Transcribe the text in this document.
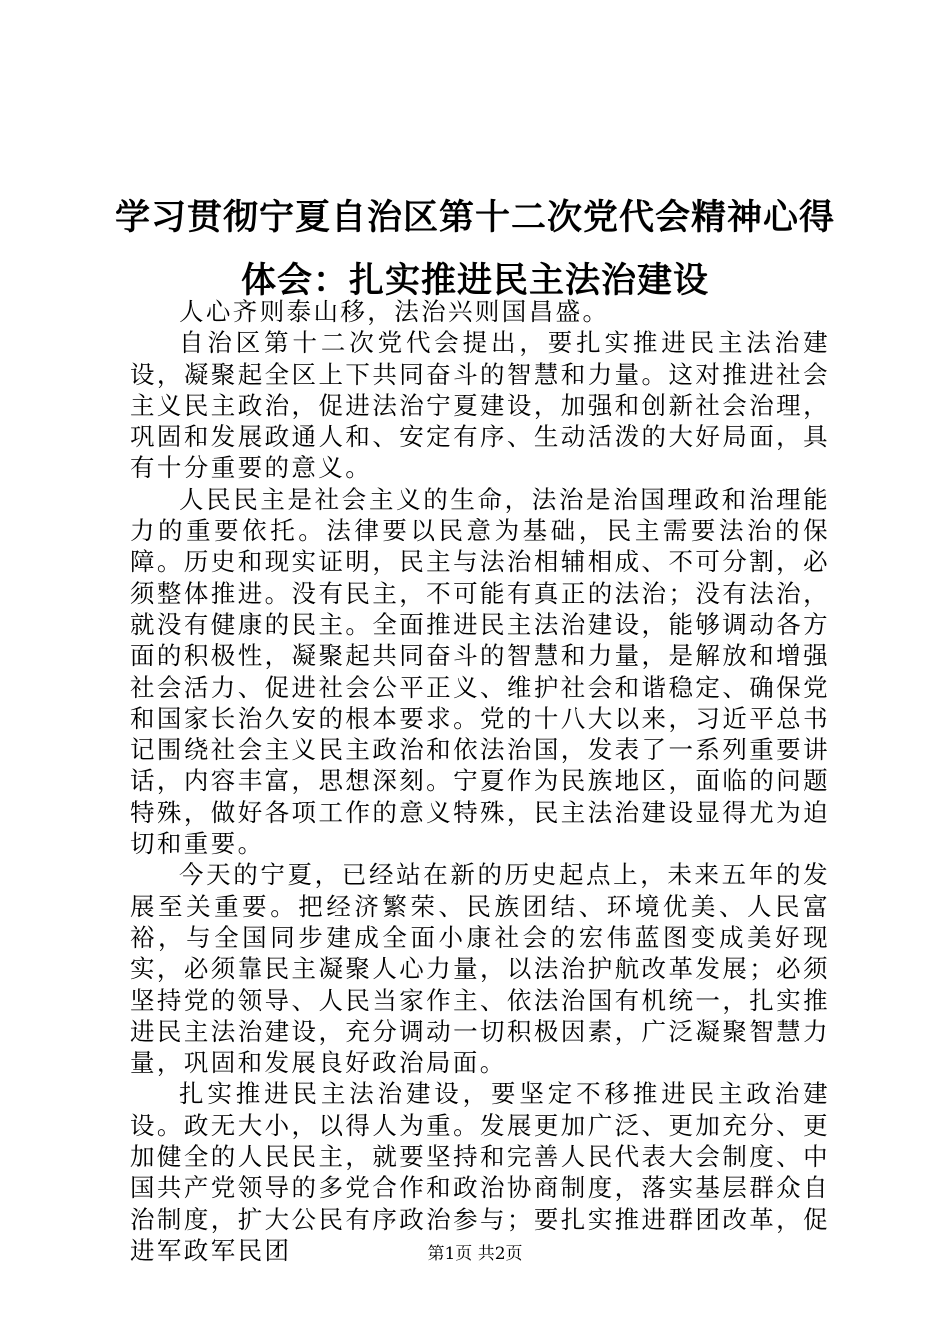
学习贯彻宁夏自治区第十二次党代会精神心得
体会：扎实推进民主法治建设

人心齐则泰山移，法治兴则国昌盛。

自治区第十二次党代会提出，要扎实推进民主法治建设，凝聚起全区上下共同奋斗的智慧和力量。这对推进社会主义民主政治，促进法治宁夏建设，加强和创新社会治理，巩固和发展政通人和、安定有序、生动活泼的大好局面，具有十分重要的意义。

人民民主是社会主义的生命，法治是治国理政和治理能力的重要依托。法律要以民意为基础，民主需要法治的保障。历史和现实证明，民主与法治相辅相成、不可分割，必须整体推进。没有民主，不可能有真正的法治；没有法治，就没有健康的民主。全面推进民主法治建设，能够调动各方面的积极性，凝聚起共同奋斗的智慧和力量，是解放和增强社会活力、促进社会公平正义、维护社会和谐稳定、确保党和国家长治久安的根本要求。党的十八大以来，习近平总书记围绕社会主义民主政治和依法治国，发表了一系列重要讲话，内容丰富，思想深刻。宁夏作为民族地区，面临的问题特殊，做好各项工作的意义特殊，民主法治建设显得尤为迫切和重要。

今天的宁夏，已经站在新的历史起点上，未来五年的发展至关重要。把经济繁荣、民族团结、环境优美、人民富裕，与全国同步建成全面小康社会的宏伟蓝图变成美好现实，必须靠民主凝聚人心力量，以法治护航改革发展；必须坚持党的领导、人民当家作主、依法治国有机统一，扎实推进民主法治建设，充分调动一切积极因素，广泛凝聚智慧力量，巩固和发展良好政治局面。

扎实推进民主法治建设，要坚定不移推进民主政治建设。政无大小，以得人为重。发展更加广泛、更加充分、更加健全的人民民主，就要坚持和完善人民代表大会制度、中国共产党领导的多党合作和政治协商制度，落实基层群众自治制度，扩大公民有序政治参与；要扎实推进群团改革，促进军政军民团	第1页 共2页
